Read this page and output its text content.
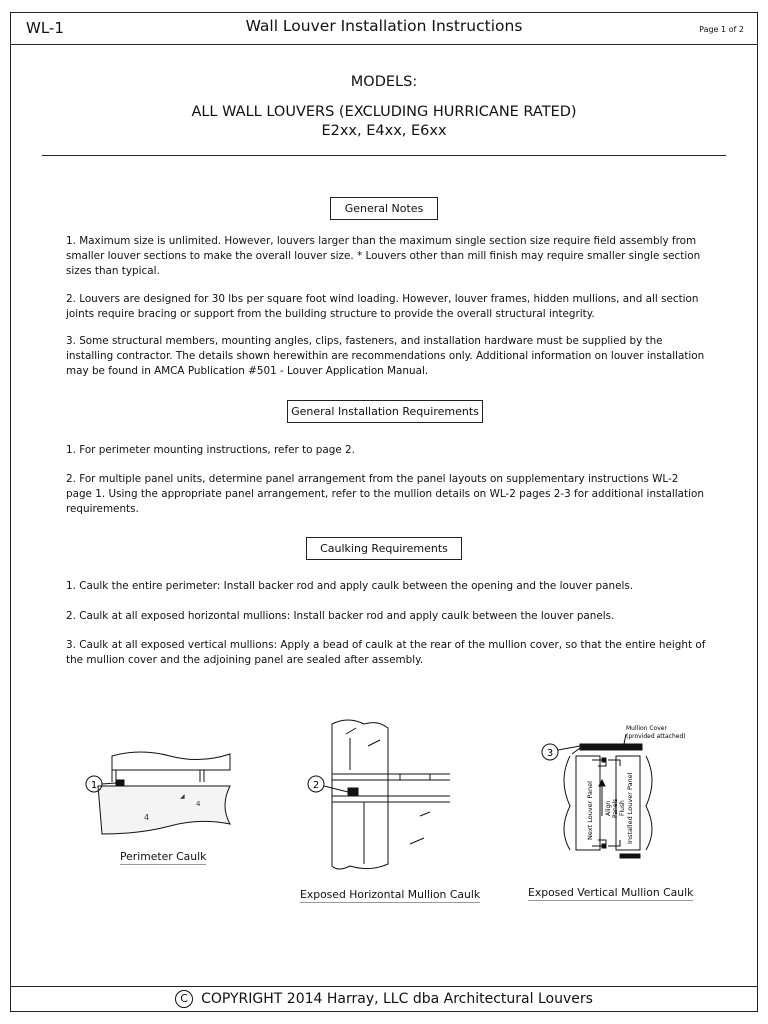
WL-1	Wall Louver Installation Instructions	Page 1 of 2
MODELS:
ALL WALL LOUVERS (EXCLUDING HURRICANE RATED)
E2xx, E4xx, E6xx
General Notes

1. Maximum size is unlimited. However, louvers larger than the maximum single section size require field assembly from smaller louver sections to make the overall louver size. * Louvers other than mill finish may require smaller single section sizes than typical.

2. Louvers are designed for 30 lbs per square foot wind loading. However, louver frames, hidden mullions, and all section joints require bracing or support from the building structure to provide the overall structural integrity.

3. Some structural members, mounting angles, clips, fasteners, and installation hardware must be supplied by the installing contractor. The details shown herewithin are recommendations only. Additional information on louver installation may be found in AMCA Publication #501 - Louver Application Manual.

General Installation Requirements

1. For perimeter mounting instructions, refer to page 2.

2. For multiple panel units, determine panel arrangement from the panel layouts on supplementary instructions WL-2 page 1. Using the appropriate panel arrangement, refer to the mullion details on WL-2 pages 2-3 for additional installation requirements.

Caulking Requirements

1. Caulk the entire perimeter: Install backer rod and apply caulk between the opening and the louver panels.

2. Caulk at all exposed horizontal mullions: Install backer rod and apply caulk between the louver panels.

3. Caulk at all exposed vertical mullions: Apply a bead of caulk at the rear of the mullion cover, so that the entire height of the mullion cover and the adjoining panel are sealed after assembly.

4
4
◢
1
Perimeter Caulk
2
Exposed Horizontal Mullion Caulk
3
Mullion Cover
(provided attached)
Next Louver Panel	Installed Louver Panel
Align Panels Flush
Exposed Vertical Mullion Caulk
C COPYRIGHT 2014 Harray, LLC dba Architectural Louvers
